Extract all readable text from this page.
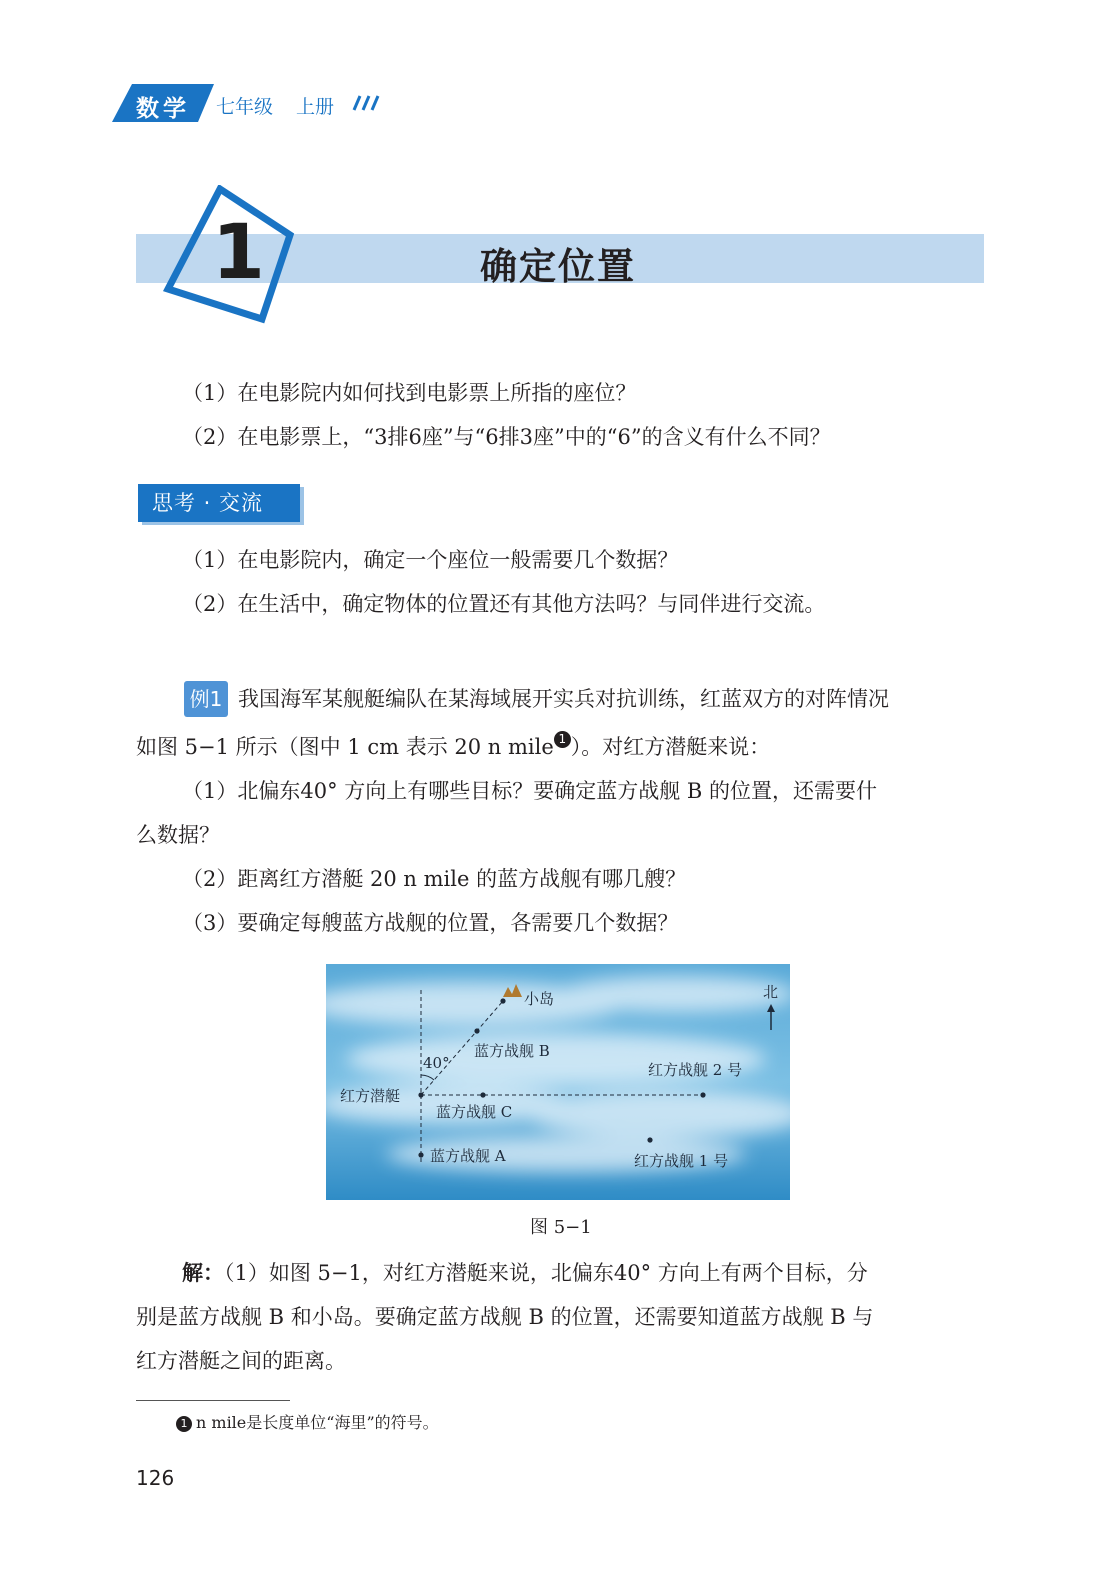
数学 七年级 上册
1	确定位置
（1）在电影院内如何找到电影票上所指的座位？
（2）在电影票上，“3排6座”与“6排3座”中的“6”的含义有什么不同？
思考 · 交流
（1）在电影院内，确定一个座位一般需要几个数据？
（2）在生活中，确定物体的位置还有其他方法吗？与同伴进行交流。
例1 我国海军某舰艇编队在某海域展开实兵对抗训练，红蓝双方的对阵情况
如图 5−1 所示（图中 1 cm 表示 20 n mile 1 ）。对红方潜艇来说：
（1）北偏东40° 方向上有哪些目标？要确定蓝方战舰 B 的位置，还需要什
么数据？
（2）距离红方潜艇 20 n mile 的蓝方战舰有哪几艘？
（3）要确定每艘蓝方战舰的位置，各需要几个数据？
北
小岛
蓝方战舰 B
40°
红方潜艇
蓝方战舰 C
蓝方战舰 A
红方战舰 2 号
红方战舰 1 号
图 5−1
解：（1）如图 5−1，对红方潜艇来说，北偏东40° 方向上有两个目标，分
别是蓝方战舰 B 和小岛。要确定蓝方战舰 B 的位置，还需要知道蓝方战舰 B 与
红方潜艇之间的距离。
1 n mile是长度单位“海里”的符号。
126
